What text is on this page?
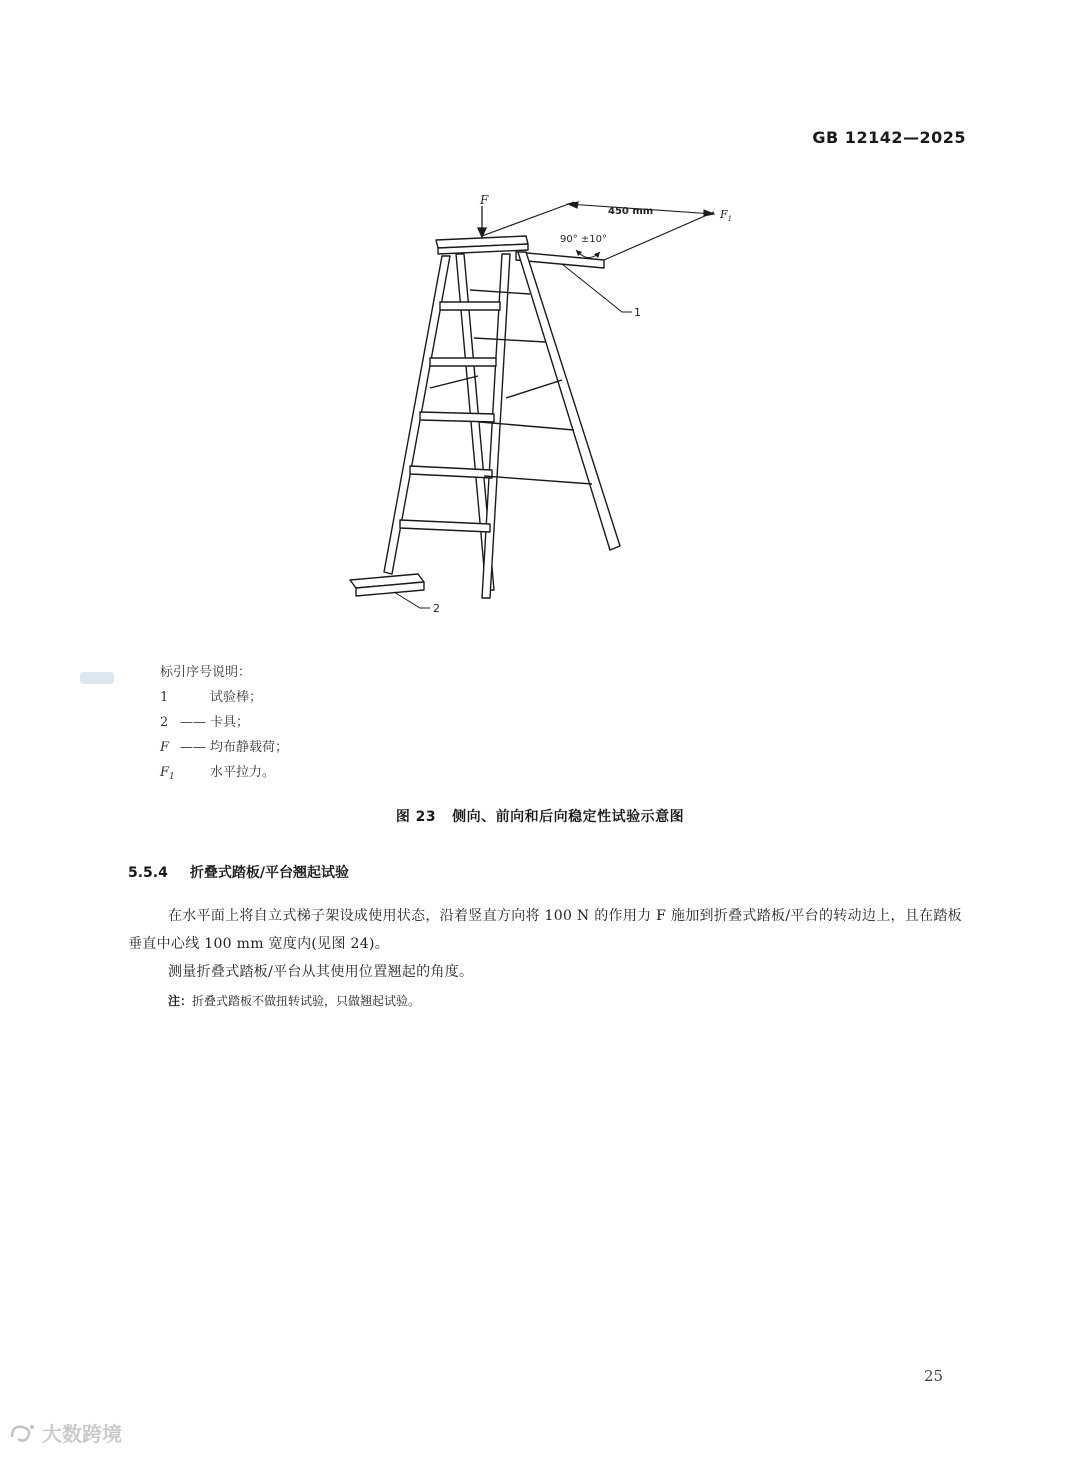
GB 12142—2025
F
450 mm	$F_1$
90° ±10°
1
2
标引序号说明：
1	试验棒；
2 —— 卡具；
F —— 均布静载荷；
$F_1$	水平拉力。
图 23 侧向、前向和后向稳定性试验示意图
5.5.4 折叠式踏板/平台翘起试验
在水平面上将自立式梯子架设成使用状态，沿着竖直方向将 100 N 的作用力 F 施加到折叠式踏板/平台的转动边上，且在踏板垂直中心线 100 mm 宽度内(见图 24)。
测量折叠式踏板/平台从其使用位置翘起的角度。
注：折叠式踏板不做扭转试验，只做翘起试验。
25
大数跨境
